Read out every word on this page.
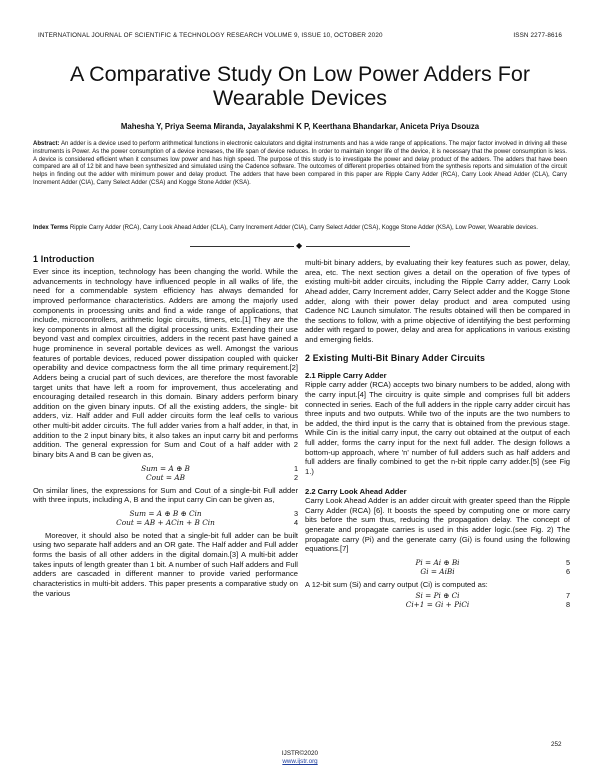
INTERNATIONAL JOURNAL OF SCIENTIFIC & TECHNOLOGY RESEARCH VOLUME 9, ISSUE 10, OCTOBER 2020	ISSN 2277-8616
A Comparative Study On Low Power Adders For
Wearable Devices
Mahesha Y, Priya Seema Miranda, Jayalakshmi K P, Keerthana Bhandarkar, Aniceta Priya Dsouza
Abstract: An adder is a device used to perform arithmetical functions in electronic calculators and digital instruments and has a wide range of applications. The major factor involved in driving all these instruments is Power. As the power consumption of a device increases, the life span of device reduces. In order to maintain longer life of the device, it is necessary that the power consumption is less. A device is considered efficient when it consumes low power and has high speed. The purpose of this study is to investigate the power and delay product of the adders. The adders that have been compared are all of 12 bit and have been synthesized and simulated using the Cadence software. The outcomes of different properties obtained from the synthesis reports and simulation of the circuit helps in finding out the adder with minimum power and delay product. The adders that have been compared in this paper are Ripple Carry Adder (RCA), Carry Look Ahead Adder (CLA), Carry Increment Adder (CIA), Carry Select Adder (CSA) and Kogge Stone Adder (KSA).
Index Terms Ripple Carry Adder (RCA), Carry Look Ahead Adder (CLA), Carry Increment Adder (CIA), Carry Select Adder (CSA), Kogge Stone Adder (KSA), Low Power, Wearable devices.
◆
1 Introduction

Ever since its inception, technology has been changing the world. While the advancements in technology have influenced people in all walks of life, the need for a commendable system efficiency has always demanded for improved performance characteristics. Adders are among the majorly used components in processing units and find a wide range of applications, that include, microcontrollers, arithmetic logic circuits, timers, etc.[1] They are the key components in almost all the digital processing units. Extending their use beyond vast and complex circuitries, adders in the recent past have gained a huge prominence in several portable devices as well. Amongst the various features of portable devices, reduced power dissipation coupled with quicker operability and device compactness form the all time primary requirement.[2] Adders being a crucial part of such devices, are therefore the most favorable target units that have left a room for improvement, thus accelerating and encouraging detailed research in this domain. Binary adders perform binary addition on the given binary inputs. Of all the existing adders, the single- bit adders, viz. Half adder and Full adder circuits form the leaf cells to various other multi-bit adder circuits. The full adder varies from a half adder, in that, in addition to the 2 input binary bits, it also takes an input carry bit and performs addition. The general expression for Sum and Cout of a half adder with 2 binary bits A and B can be given as,

Sum = A ⊕ B	1
Cout = AB	2

On similar lines, the expressions for Sum and Cout of a single-bit Full adder with three inputs, including A, B and the input carry Cin can be given as,

Sum = A ⊕ B ⊕ Cin	3
Cout = AB + ACin + B Cin	4

Moreover, it should also be noted that a single-bit full adder can be built using two separate half adders and an OR gate. The Half adder and Full adder forms the basis of all other adders in the digital domain.[3] A multi-bit adder takes inputs of length greater than 1 bit. A number of such Half adders and Full adders are cascaded in different manner to provide varied performance characteristics in multi-bit adders. This paper presents a comparative study on the various

multi-bit binary adders, by evaluating their key features such as power, delay, area, etc. The next section gives a detail on the operation of five types of existing multi-bit adder circuits, including the Ripple Carry adder, Carry Look Ahead adder, Carry Increment adder, Carry Select adder and the Kogge Stone adder, along with their power delay product and area computed using Cadence NC Launch simulator. The results obtained will then be compared in the sections to follow, with a prime objective of identifying the best performing adder with regard to power, delay and area for applications in various existing and emerging fields.

2 Existing Multi-Bit Binary Adder Circuits
2.1 Ripple Carry Adder

Ripple carry adder (RCA) accepts two binary numbers to be added, along with the carry input.[4] The circuitry is quite simple and comprises full bit adders connected in series. Each of the full adders in the ripple carry adder circuit has three inputs and two outputs. While two of the inputs are the two numbers to be added, the third input is the carry that is obtained from the previous stage. While Cin is the initial carry input, the carry out obtained at the output of each full adder, forms the carry input for the next full adder. The design follows a bottom-up approach, where 'n' number of full adders such as half adders and full adders are finally combined to get the n-bit ripple carry adder.[5] (see Fig 1.)

2.2 Carry Look Ahead Adder

Carry Look Ahead Adder is an adder circuit with greater speed than the Ripple Carry Adder (RCA) [6]. It boosts the speed by computing one or more carry bits before the sum thus, reducing the propagation delay. The concept of generate and propagate carries is used in this adder logic.(see Fig. 2) The propagate carry (Pi) and the generate carry (Gi) is found using the following equations.[7]

Pi = Ai ⊕ Bi	5
Gi = AiBi	6

A 12-bit sum (Si) and carry output (Ci) is computed as:

Si = Pi ⊕ Ci	7
Ci+1 = Gi + PiCi	8
252
IJSTR©2020
www.ijstr.org
